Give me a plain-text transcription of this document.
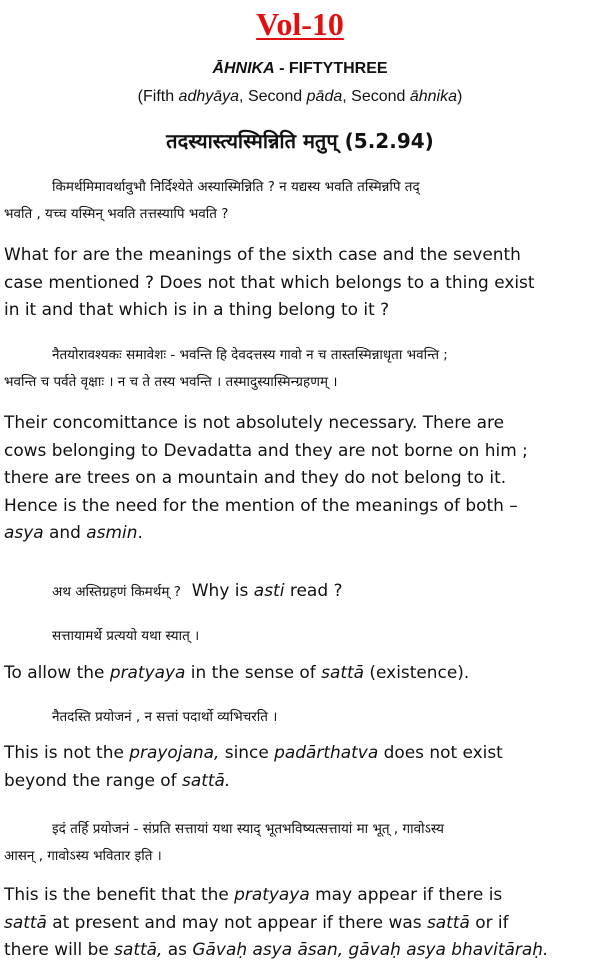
Vol-10
ĀHNIKA - FIFTYTHREE
(Fifth adhyāya, Second pāda, Second āhnika)
तदस्यास्त्यस्मिन्निति मतुप् (5.2.94)
किमर्थमिमावर्थावुभौ निर्दिश्येते अस्यास्मिन्निति ? न यद्यस्य भवति तस्मिन्नपि तद्
भवति , यच्च यस्मिन् भवति तत्तस्यापि भवति ?
What for are the meanings of the sixth case and the seventh
case mentioned ? Does not that which belongs to a thing exist
in it and that which is in a thing belong to it ?
नैतयोरावश्यकः समावेशः - भवन्ति हि देवदत्तस्य गावो न च तास्तस्मिन्नाधृता भवन्ति ;
भवन्ति च पर्वते वृक्षाः । न च ते तस्य भवन्ति । तस्मादुस्यास्मिन्ग्रहणम् ।
Their concomittance is not absolutely necessary. There are
cows belonging to Devadatta and they are not borne on him ;
there are trees on a mountain and they do not belong to it.
Hence is the need for the mention of the meanings of both –
asya and asmin.
अथ अस्तिग्रहणं किमर्थम् ? Why is asti read ?
सत्तायामर्थे प्रत्ययो यथा स्यात् ।
To allow the pratyaya in the sense of sattā (existence).
नैतदस्ति प्रयोजनं , न सत्तां पदार्थो व्यभिचरति ।
This is not the prayojana, since padārthatva does not exist
beyond the range of sattā.
इदं तर्हि प्रयोजनं - संप्रति सत्तायां यथा स्याद् भूतभविष्यत्सत्तायां मा भूत् , गावोऽस्य
आसन् , गावोऽस्य भवितार इति ।
This is the benefit that the pratyaya may appear if there is
sattā at present and may not appear if there was sattā or if
there will be sattā, as Gāvaḥ asya āsan, gāvaḥ asya bhavitāraḥ.
